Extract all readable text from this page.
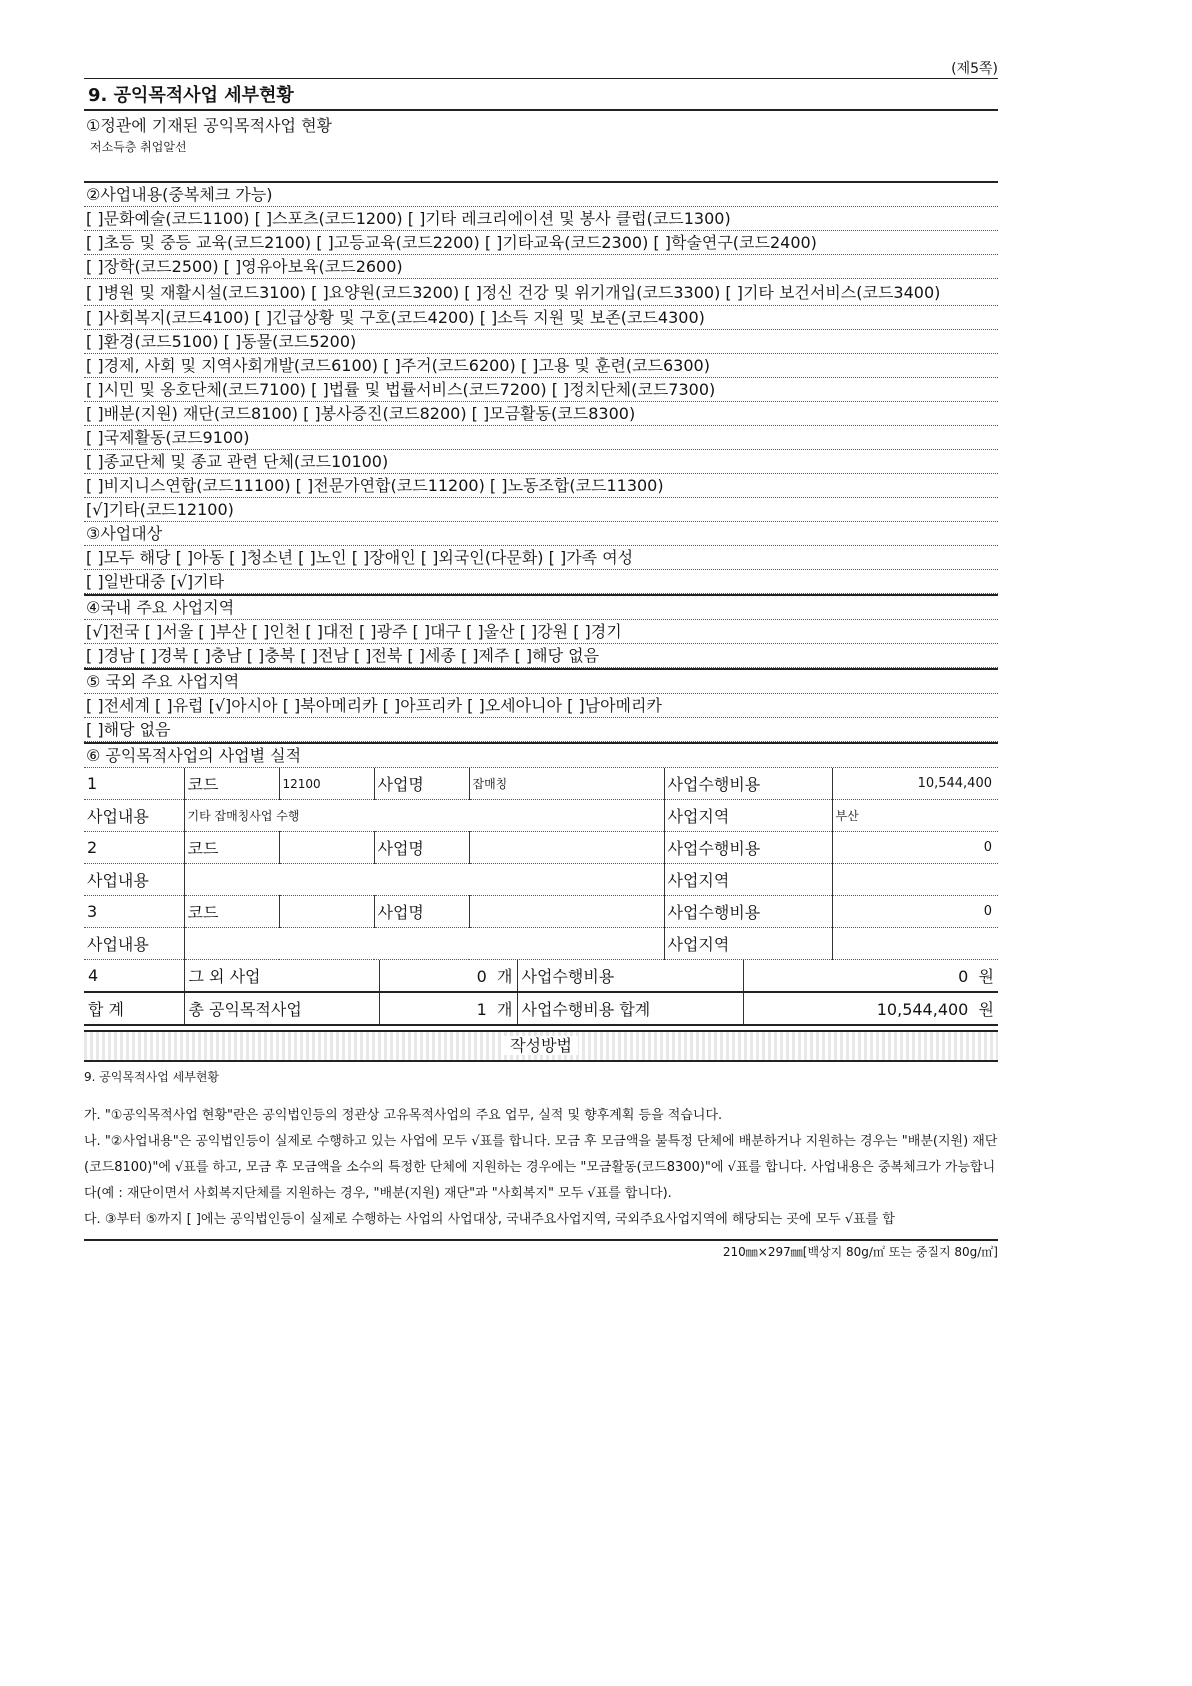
(제5쪽)
9. 공익목적사업 세부현황
①정관에 기재된 공익목적사업 현황
저소득층 취업알선
②사업내용(중복체크 가능)
[ ]문화예술(코드1100) [ ]스포츠(코드1200) [ ]기타 레크리에이션 및 봉사 클럽(코드1300)
[ ]초등 및 중등 교육(코드2100) [ ]고등교육(코드2200) [ ]기타교육(코드2300) [ ]학술연구(코드2400)
[ ]장학(코드2500) [ ]영유아보육(코드2600)
[ ]병원 및 재활시설(코드3100) [ ]요양원(코드3200) [ ]정신 건강 및 위기개입(코드3300) [ ]기타 보건서비스(코드3400)
[ ]사회복지(코드4100) [ ]긴급상황 및 구호(코드4200) [ ]소득 지원 및 보존(코드4300)
[ ]환경(코드5100) [ ]동물(코드5200)
[ ]경제, 사회 및 지역사회개발(코드6100) [ ]주거(코드6200) [ ]고용 및 훈련(코드6300)
[ ]시민 및 옹호단체(코드7100) [ ]법률 및 법률서비스(코드7200) [ ]정치단체(코드7300)
[ ]배분(지원) 재단(코드8100) [ ]봉사증진(코드8200) [ ]모금활동(코드8300)
[ ]국제활동(코드9100)
[ ]종교단체 및 종교 관련 단체(코드10100)
[ ]비지니스연합(코드11100) [ ]전문가연합(코드11200) [ ]노동조합(코드11300)
[√]기타(코드12100)
③사업대상
[ ]모두 해당 [ ]아동 [ ]청소년 [ ]노인 [ ]장애인 [ ]외국인(다문화) [ ]가족 여성
[ ]일반대중 [√]기타
④국내 주요 사업지역
[√]전국 [ ]서울 [ ]부산 [ ]인천 [ ]대전 [ ]광주 [ ]대구 [ ]울산 [ ]강원 [ ]경기
[ ]경남 [ ]경북 [ ]충남 [ ]충북 [ ]전남 [ ]전북 [ ]세종 [ ]제주 [ ]해당 없음
⑤ 국외 주요 사업지역
[ ]전세계 [ ]유럽 [√]아시아 [ ]북아메리카 [ ]아프리카 [ ]오세아니아 [ ]남아메리카
[ ]해당 없음
⑥ 공익목적사업의 사업별 실적
1	코드	12100	사업명	잡매칭	사업수행비용	10,544,400
사업내용	기타 잡매칭사업 수행				사업지역	부산
2	코드		사업명		사업수행비용	0
사업내용					사업지역	
3	코드		사업명		사업수행비용	0
사업내용					사업지역	
4	그 외 사업	0 개	사업수행비용	0 원
합 계	총 공익목적사업	1 개	사업수행비용 합계	10,544,400 원
작성방법
9. 공익목적사업 세부현황
가. "①공익목적사업 현황"란은 공익법인등의 정관상 고유목적사업의 주요 업무, 실적 및 향후계획 등을 적습니다.
나. "②사업내용"은 공익법인등이 실제로 수행하고 있는 사업에 모두 √표를 합니다. 모금 후 모금액을 불특정 단체에 배분하거나 지원하는 경우는 "배분(지원) 재단(코드8100)"에 √표를 하고, 모금 후 모금액을 소수의 특정한 단체에 지원하는 경우에는 "모금활동(코드8300)"에 √표를 합니다. 사업내용은 중복체크가 가능합니다(예 : 재단이면서 사회복지단체를 지원하는 경우, "배분(지원) 재단"과 "사회복지" 모두 √표를 합니다).
다. ③부터 ⑤까지 [ ]에는 공익법인등이 실제로 수행하는 사업의 사업대상, 국내주요사업지역, 국외주요사업지역에 해당되는 곳에 모두 √표를 합
210㎜×297㎜[백상지 80g/㎡ 또는 중질지 80g/㎡]
